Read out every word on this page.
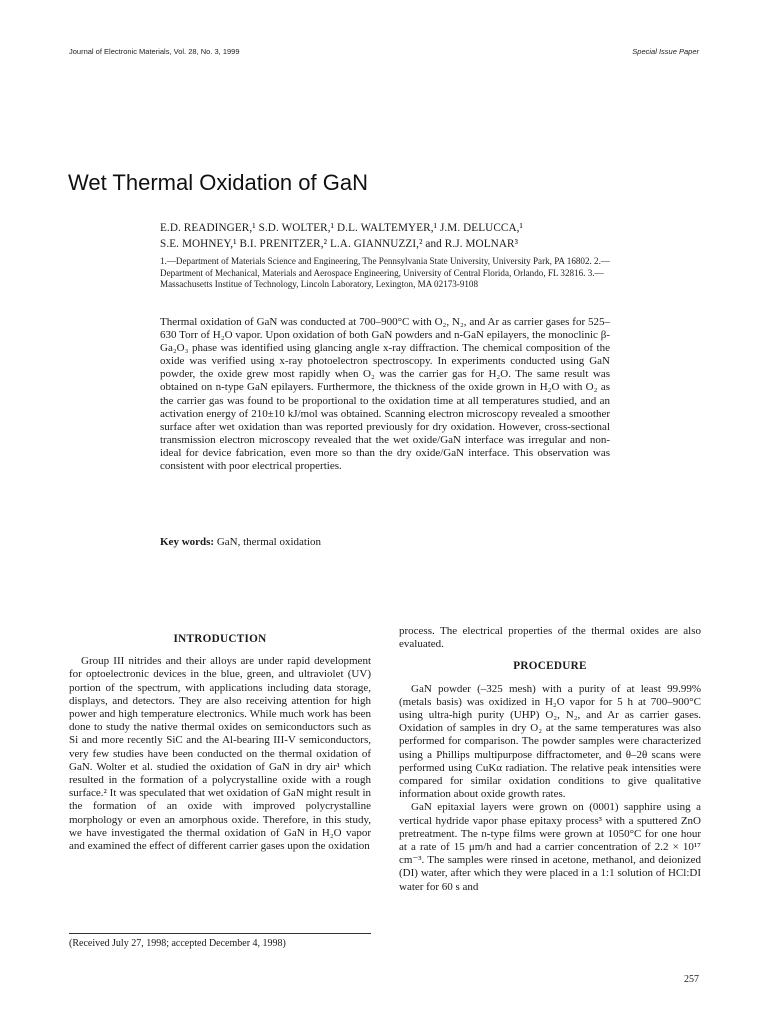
Journal of Electronic Materials, Vol. 28, No. 3, 1999	Special Issue Paper
Wet Thermal Oxidation of GaN
E.D. READINGER,¹ S.D. WOLTER,¹ D.L. WALTEMYER,¹ J.M. DELUCCA,¹
S.E. MOHNEY,¹ B.I. PRENITZER,² L.A. GIANNUZZI,² and R.J. MOLNAR³
1.—Department of Materials Science and Engineering, The Pennsylvania State University, University Park, PA 16802. 2.—Department of Mechanical, Materials and Aerospace Engineering, University of Central Florida, Orlando, FL 32816. 3.—Massachusetts Institue of Technology, Lincoln Laboratory, Lexington, MA 02173-9108

Thermal oxidation of GaN was conducted at 700–900°C with O₂, N₂, and Ar as carrier gases for 525–630 Torr of H₂O vapor. Upon oxidation of both GaN powders and n-GaN epilayers, the monoclinic β-Ga₂O₃ phase was identified using glancing angle x-ray diffraction. The chemical composition of the oxide was verified using x-ray photoelectron spectroscopy. In experiments conducted using GaN powder, the oxide grew most rapidly when O₂ was the carrier gas for H₂O. The same result was obtained on n-type GaN epilayers. Furthermore, the thickness of the oxide grown in H₂O with O₂ as the carrier gas was found to be proportional to the oxidation time at all temperatures studied, and an activation energy of 210±10 kJ/mol was obtained. Scanning electron microscopy revealed a smoother surface after wet oxidation than was reported previously for dry oxidation. However, cross-sectional transmission electron microscopy revealed that the wet oxide/GaN interface was irregular and non-ideal for device fabrication, even more so than the dry oxide/GaN interface. This observation was consistent with poor electrical properties.

Key words: GaN, thermal oxidation
INTRODUCTION

Group III nitrides and their alloys are under rapid development for optoelectronic devices in the blue, green, and ultraviolet (UV) portion of the spectrum, with applications including data storage, displays, and detectors. They are also receiving attention for high power and high temperature electronics. While much work has been done to study the native thermal oxides on semiconductors such as Si and more recently SiC and the Al-bearing III-V semiconductors, very few studies have been conducted on the thermal oxidation of GaN. Wolter et al. studied the oxidation of GaN in dry air¹ which resulted in the formation of a polycrystalline oxide with a rough surface.² It was speculated that wet oxidation of GaN might result in the formation of an oxide with improved polycrystalline morphology or even an amorphous oxide. Therefore, in this study, we have investigated the thermal oxidation of GaN in H₂O vapor and examined the effect of different carrier gases upon the oxidation

process. The electrical properties of the thermal oxides are also evaluated.

PROCEDURE

GaN powder (–325 mesh) with a purity of at least 99.99% (metals basis) was oxidized in H₂O vapor for 5 h at 700–900°C using ultra-high purity (UHP) O₂, N₂, and Ar as carrier gases. Oxidation of samples in dry O₂ at the same temperatures was also performed for comparison. The powder samples were characterized using a Phillips multipurpose diffractometer, and θ–2θ scans were performed using CuKα radiation. The relative peak intensities were compared for similar oxidation conditions to give qualitative information about oxide growth rates.

GaN epitaxial layers were grown on (0001) sapphire using a vertical hydride vapor phase epitaxy process³ with a sputtered ZnO pretreatment. The n-type films were grown at 1050°C for one hour at a rate of 15 μm/h and had a carrier concentration of 2.2 × 10¹⁷ cm⁻³. The samples were rinsed in acetone, methanol, and deionized (DI) water, after which they were placed in a 1:1 solution of HCl:DI water for 60 s and

(Received July 27, 1998; accepted December 4, 1998)
257
